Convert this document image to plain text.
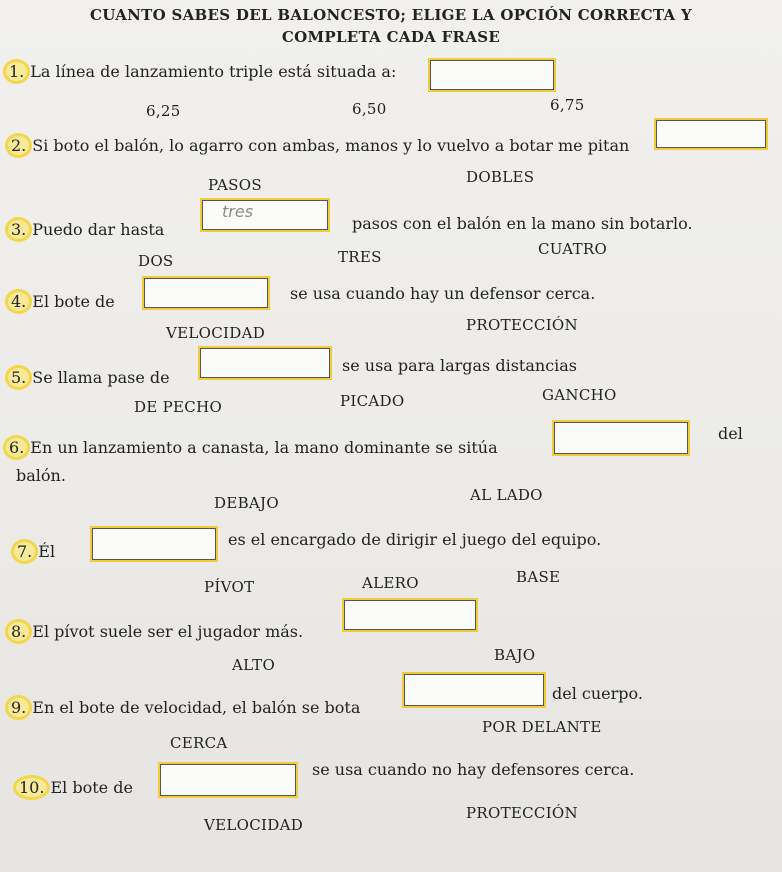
CUANTO SABES DEL BALONCESTO; ELIGE LA OPCIÓN CORRECTA Y
COMPLETA CADA FRASE
1. La línea de lanzamiento triple está situada a:
6,25	6,50	6,75
2. Si boto el balón, lo agarro con ambas, manos y lo vuelvo a botar me pitan
PASOS	DOBLES
3. Puedo dar hasta
tres
pasos con el balón en la mano sin botarlo.
DOS	TRES	CUATRO
4. El bote de	se usa cuando hay un defensor cerca.
VELOCIDAD	PROTECCIÓN
5. Se llama pase de
se usa para largas distancias
DE PECHO	PICADO	GANCHO
6. En un lanzamiento a canasta, la mano dominante se sitúa
del
balón.
DEBAJO	AL LADO
7. Él
es el encargado de dirigir el juego del equipo.
PÍVOT	ALERO	BASE
8. El pívot suele ser el jugador más.
ALTO
BAJO
9. En el bote de velocidad, el balón se bota
del cuerpo.
CERCA
POR DELANTE
10. El bote de
se usa cuando no hay defensores cerca.
VELOCIDAD
PROTECCIÓN
